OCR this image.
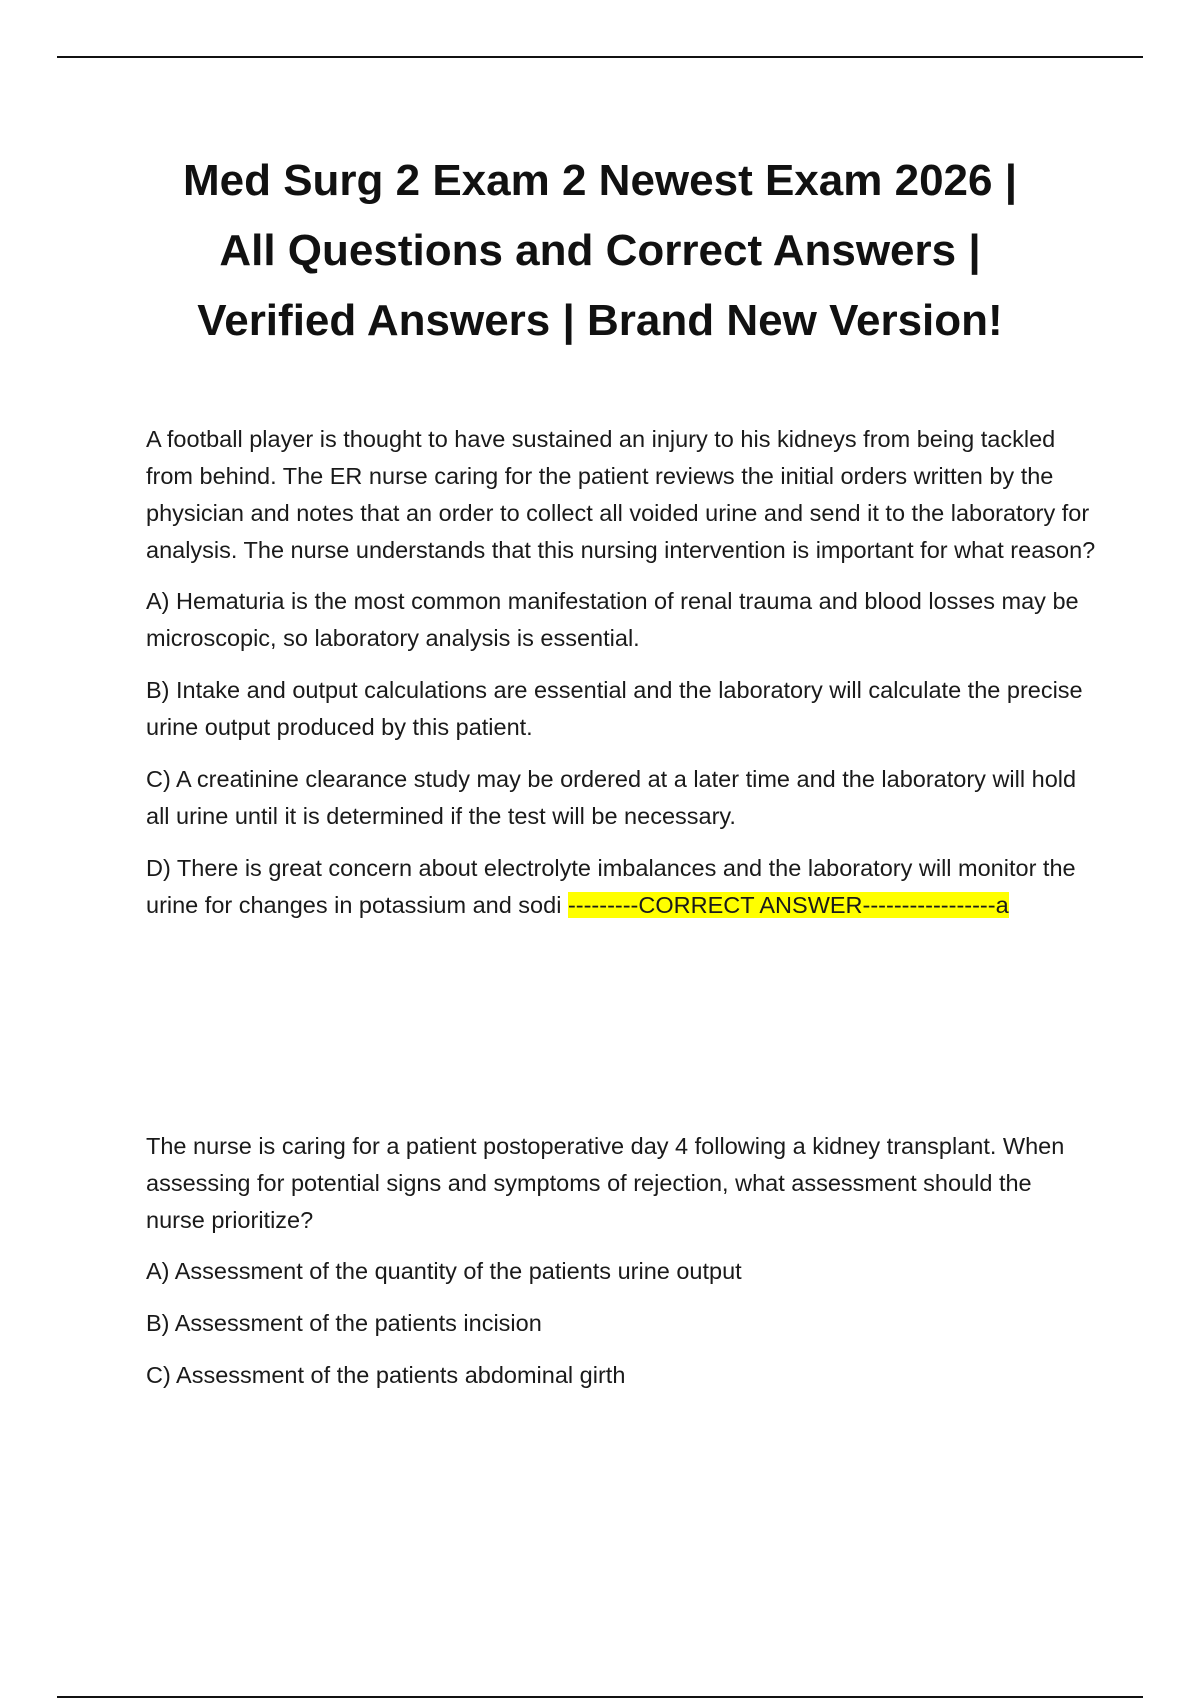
Med Surg 2 Exam 2 Newest Exam 2026 |
All Questions and Correct Answers |
Verified Answers | Brand New Version!

A football player is thought to have sustained an injury to his kidneys from being tackled from behind. The ER nurse caring for the patient reviews the initial orders written by the physician and notes that an order to collect all voided urine and send it to the laboratory for analysis. The nurse understands that this nursing intervention is important for what reason?

A) Hematuria is the most common manifestation of renal trauma and blood losses may be microscopic, so laboratory analysis is essential.

B) Intake and output calculations are essential and the laboratory will calculate the precise urine output produced by this patient.

C) A creatinine clearance study may be ordered at a later time and the laboratory will hold all urine until it is determined if the test will be necessary.

D) There is great concern about electrolyte imbalances and the laboratory will monitor the urine for changes in potassium and sodi ---------CORRECT ANSWER-----------------a

The nurse is caring for a patient postoperative day 4 following a kidney transplant. When assessing for potential signs and symptoms of rejection, what assessment should the nurse prioritize?

A) Assessment of the quantity of the patients urine output

B) Assessment of the patients incision

C) Assessment of the patients abdominal girth
